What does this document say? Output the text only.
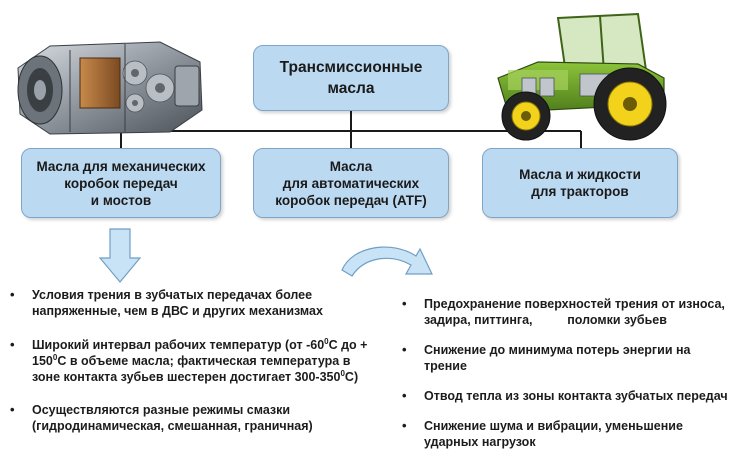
Трансмиссионные
масла
Масла для механических
коробок передач
и мостов
Масла
для автоматических
коробок передач (ATF)
Масла и жидкости
для тракторов
• Условия трения в зубчатых передачах более напряженные, чем в ДВС и других механизмах
• Широкий интервал рабочих температур (от $-60^0С$ до + $150^0С$ в объеме масла; фактическая температура в зоне контакта зубьев шестерен достигает $300-350^0С$)
• Осуществляются разные режимы смазки (гидродинамическая, смешанная, граничная)
• Предохранение поверхностей трения от износа, задира, питтинга,          поломки зубьев
• Снижение до минимума потерь энергии на трение
• Отвод тепла из зоны контакта зубчатых передач
• Снижение шума и вибрации, уменьшение ударных нагрузок
